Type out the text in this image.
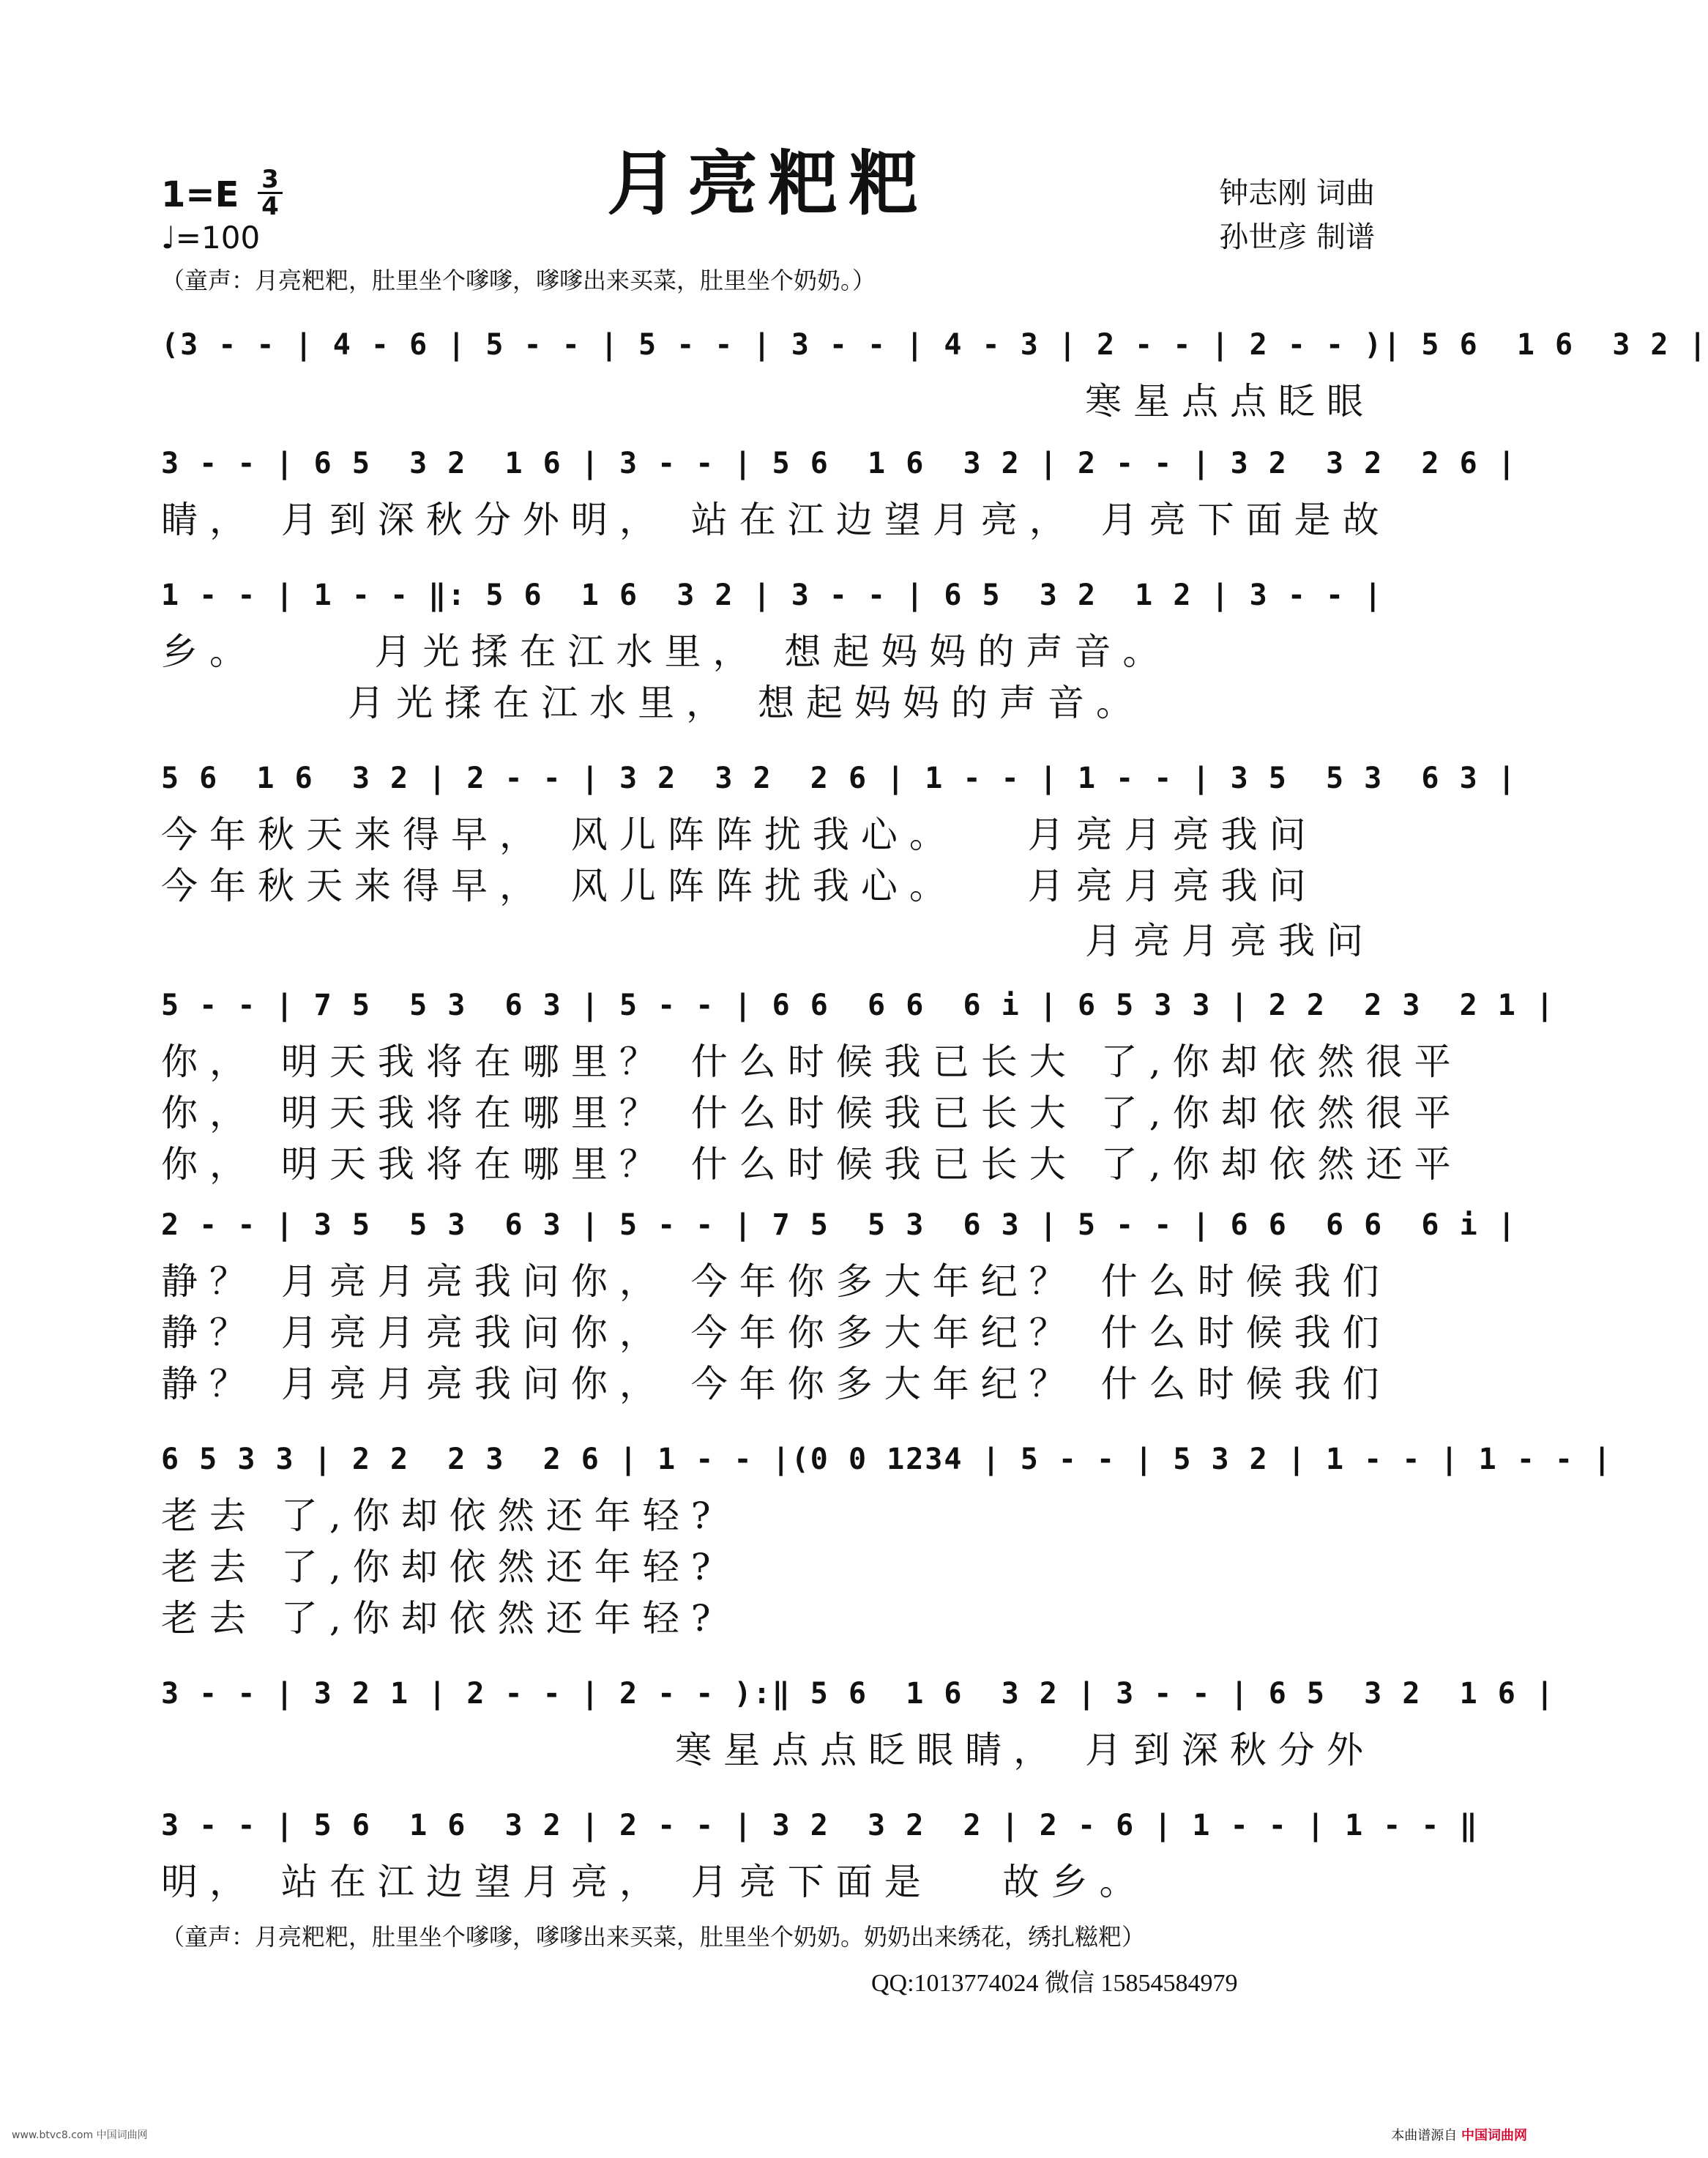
月亮粑粑
1=E 3
4
♩=100
钟志刚 词曲
孙世彦 制谱
（童声：月亮粑粑，肚里坐个嗲嗲，嗲嗲出来买菜，肚里坐个奶奶。）
(3 - - | 4 - 6 | 5 - - | 5 - - | 3 - - | 4 - 3 | 2 - - | 2 - - )| 5 6  1 6  3 2 |
寒星点点眨眼
3 - - | 6 5  3 2  1 6 | 3 - - | 5 6  1 6  3 2 | 2 - - | 3 2  3 2  2 6 |
睛， 月到深秋分外明， 站在江边望月亮， 月亮下面是故
1 - - | 1 - - ‖: 5 6  1 6  3 2 | 3 - - | 6 5  3 2  1 2 | 3 - - |
乡。     月光揉在江水里， 想起妈妈的声音。
月光揉在江水里， 想起妈妈的声音。
5 6  1 6  3 2 | 2 - - | 3 2  3 2  2 6 | 1 - - | 1 - - | 3 5  5 3  6 3 |
今年秋天来得早， 风儿阵阵扰我心。   月亮月亮我问
今年秋天来得早， 风儿阵阵扰我心。   月亮月亮我问
月亮月亮我问
5 - - | 7 5  5 3  6 3 | 5 - - | 6 6  6 6  6 i | 6 5 3 3 | 2 2  2 3  2 1 |
你， 明天我将在哪里？ 什么时候我已长大 了,你却依然很平
你， 明天我将在哪里？ 什么时候我已长大 了,你却依然很平
你， 明天我将在哪里？ 什么时候我已长大 了,你却依然还平
2 - - | 3 5  5 3  6 3 | 5 - - | 7 5  5 3  6 3 | 5 - - | 6 6  6 6  6 i |
静？ 月亮月亮我问你， 今年你多大年纪？ 什么时候我们
静？ 月亮月亮我问你， 今年你多大年纪？ 什么时候我们
静？ 月亮月亮我问你， 今年你多大年纪？ 什么时候我们
6 5 3 3 | 2 2  2 3  2 6 | 1 - - |(0 0 1234 | 5 - - | 5 3 2 | 1 - - | 1 - - |
老去 了,你却依然还年轻?
老去 了,你却依然还年轻?
老去 了,你却依然还年轻?
3 - - | 3 2 1 | 2 - - | 2 - - ):‖ 5 6  1 6  3 2 | 3 - - | 6 5  3 2  1 6 |
寒星点点眨眼睛， 月到深秋分外
3 - - | 5 6  1 6  3 2 | 2 - - | 3 2  3 2  2 | 2 - 6 | 1 - - | 1 - - ‖
明， 站在江边望月亮， 月亮下面是   故乡。
（童声：月亮粑粑，肚里坐个嗲嗲，嗲嗲出来买菜，肚里坐个奶奶。奶奶出来绣花，绣扎糍粑）
QQ:1013774024 微信 15854584979
www.btvc8.com 中国词曲网	本曲谱源自 中国词曲网
